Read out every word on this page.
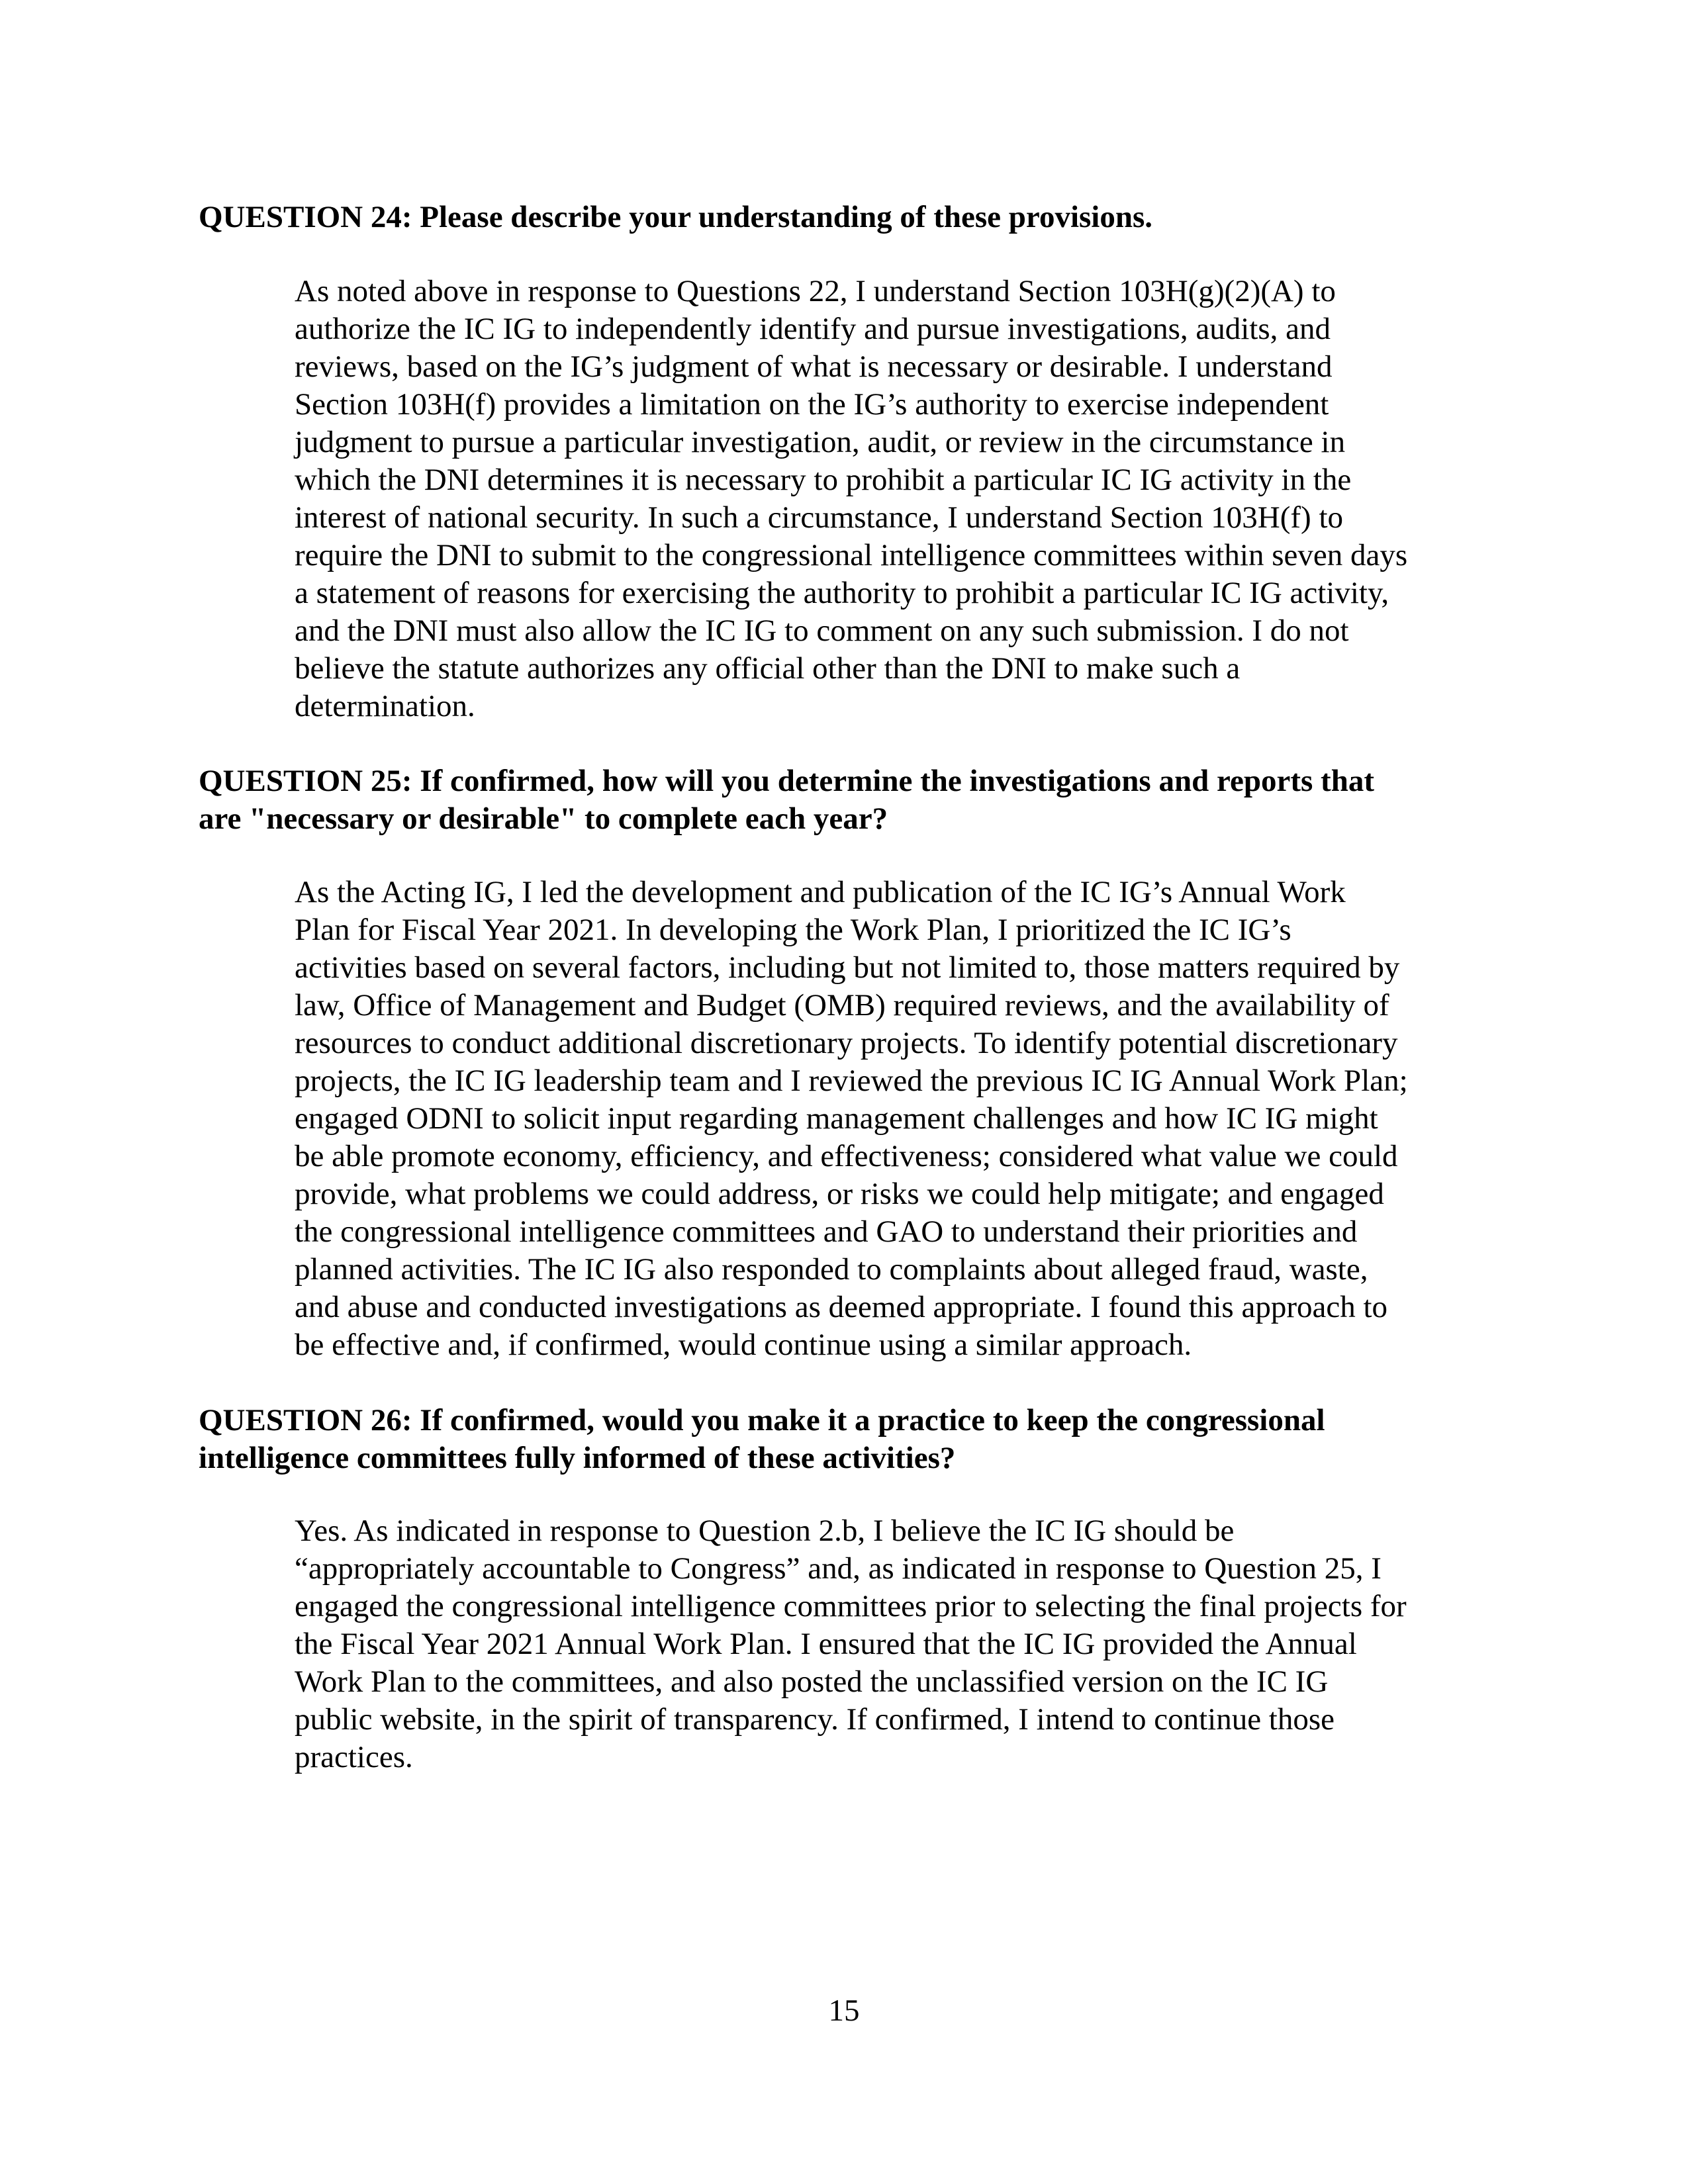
QUESTION 24: Please describe your understanding of these provisions.
As noted above in response to Questions 22, I understand Section 103H(g)(2)(A) to
authorize the IC IG to independently identify and pursue investigations, audits, and
reviews, based on the IG’s judgment of what is necessary or desirable. I understand
Section 103H(f) provides a limitation on the IG’s authority to exercise independent
judgment to pursue a particular investigation, audit, or review in the circumstance in
which the DNI determines it is necessary to prohibit a particular IC IG activity in the
interest of national security. In such a circumstance, I understand Section 103H(f) to
require the DNI to submit to the congressional intelligence committees within seven days
a statement of reasons for exercising the authority to prohibit a particular IC IG activity,
and the DNI must also allow the IC IG to comment on any such submission. I do not
believe the statute authorizes any official other than the DNI to make such a
determination.
QUESTION 25: If confirmed, how will you determine the investigations and reports that
are "necessary or desirable" to complete each year?
As the Acting IG, I led the development and publication of the IC IG’s Annual Work
Plan for Fiscal Year 2021. In developing the Work Plan, I prioritized the IC IG’s
activities based on several factors, including but not limited to, those matters required by
law, Office of Management and Budget (OMB) required reviews, and the availability of
resources to conduct additional discretionary projects. To identify potential discretionary
projects, the IC IG leadership team and I reviewed the previous IC IG Annual Work Plan;
engaged ODNI to solicit input regarding management challenges and how IC IG might
be able promote economy, efficiency, and effectiveness; considered what value we could
provide, what problems we could address, or risks we could help mitigate; and engaged
the congressional intelligence committees and GAO to understand their priorities and
planned activities. The IC IG also responded to complaints about alleged fraud, waste,
and abuse and conducted investigations as deemed appropriate. I found this approach to
be effective and, if confirmed, would continue using a similar approach.
QUESTION 26: If confirmed, would you make it a practice to keep the congressional
intelligence committees fully informed of these activities?
Yes. As indicated in response to Question 2.b, I believe the IC IG should be
“appropriately accountable to Congress” and, as indicated in response to Question 25, I
engaged the congressional intelligence committees prior to selecting the final projects for
the Fiscal Year 2021 Annual Work Plan. I ensured that the IC IG provided the Annual
Work Plan to the committees, and also posted the unclassified version on the IC IG
public website, in the spirit of transparency. If confirmed, I intend to continue those
practices.
15
